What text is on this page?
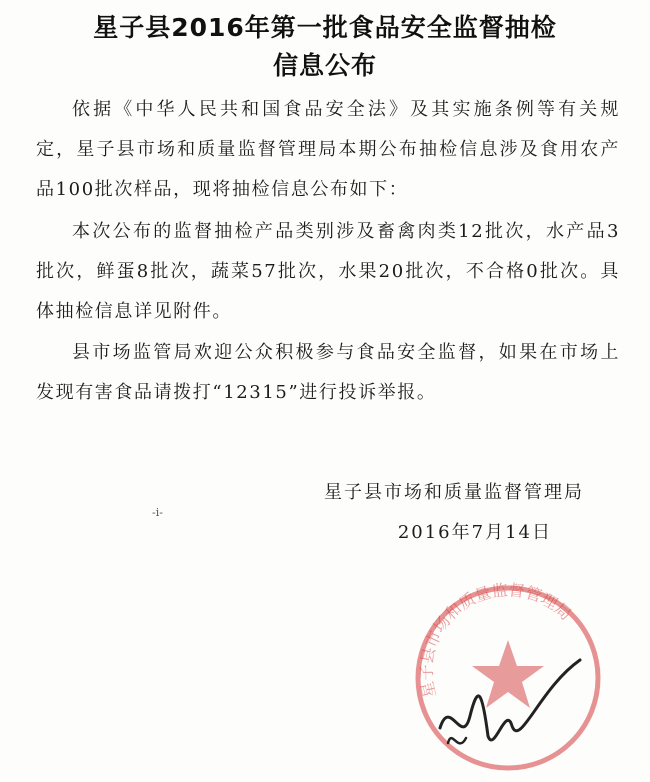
星子县2016年第一批食品安全监督抽检
信息公布
依据《中华人民共和国食品安全法》及其实施条例等有关规定，星子县市场和质量监督管理局本期公布抽检信息涉及食用农产品100批次样品，现将抽检信息公布如下：
本次公布的监督抽检产品类别涉及畜禽肉类12批次，水产品3批次，鲜蛋8批次，蔬菜57批次，水果20批次，不合格0批次。具体抽检信息详见附件。
县市场监管局欢迎公众积极参与食品安全监督，如果在市场上发现有害食品请拨打“12315”进行投诉举报。
-i-
星子县市场和质量监督管理局
2016年7月14日
星子县市场和质量监督管理局
